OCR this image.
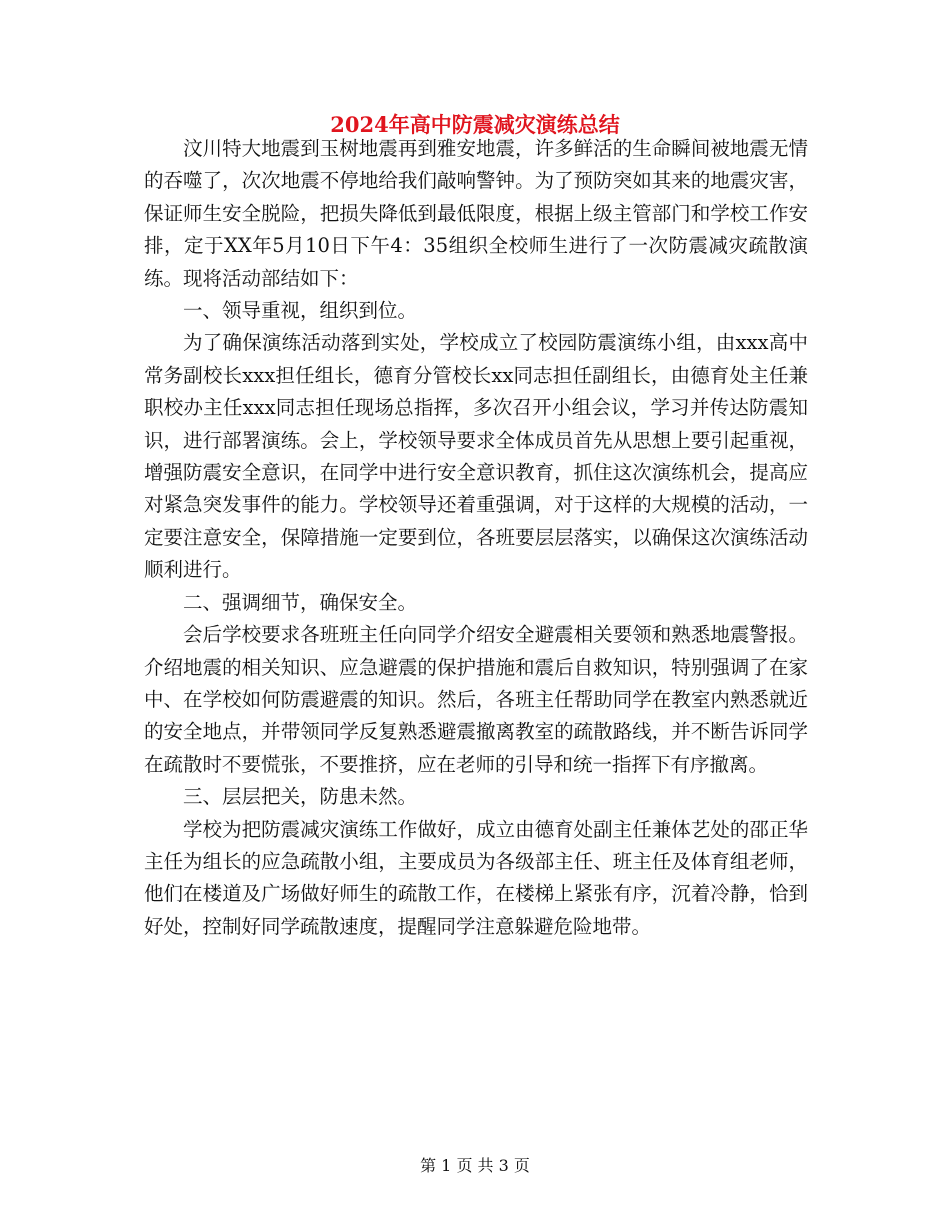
2024年高中防震减灾演练总结

汶川特大地震到玉树地震再到雅安地震，许多鲜活的生命瞬间被地震无情的吞噬了，次次地震不停地给我们敲响警钟。为了预防突如其来的地震灾害，保证师生安全脱险，把损失降低到最低限度，根据上级主管部门和学校工作安排，定于XX年5月10日下午4：35组织全校师生进行了一次防震减灾疏散演练。现将活动部结如下：

一、领导重视，组织到位。

为了确保演练活动落到实处，学校成立了校园防震演练小组，由xxx高中常务副校长xxx担任组长，德育分管校长xx同志担任副组长，由德育处主任兼职校办主任xxx同志担任现场总指挥，多次召开小组会议，学习并传达防震知识，进行部署演练。会上，学校领导要求全体成员首先从思想上要引起重视，增强防震安全意识，在同学中进行安全意识教育，抓住这次演练机会，提高应对紧急突发事件的能力。学校领导还着重强调，对于这样的大规模的活动，一定要注意安全，保障措施一定要到位，各班要层层落实，以确保这次演练活动顺利进行。

二、强调细节，确保安全。

会后学校要求各班班主任向同学介绍安全避震相关要领和熟悉地震警报。介绍地震的相关知识、应急避震的保护措施和震后自救知识，特别强调了在家中、在学校如何防震避震的知识。然后，各班主任帮助同学在教室内熟悉就近的安全地点，并带领同学反复熟悉避震撤离教室的疏散路线，并不断告诉同学在疏散时不要慌张，不要推挤，应在老师的引导和统一指挥下有序撤离。

三、层层把关，防患未然。

学校为把防震减灾演练工作做好，成立由德育处副主任兼体艺处的邵正华主任为组长的应急疏散小组，主要成员为各级部主任、班主任及体育组老师，他们在楼道及广场做好师生的疏散工作，在楼梯上紧张有序，沉着冷静，恰到好处，控制好同学疏散速度，提醒同学注意躲避危险地带。

第 1 页 共 3 页
